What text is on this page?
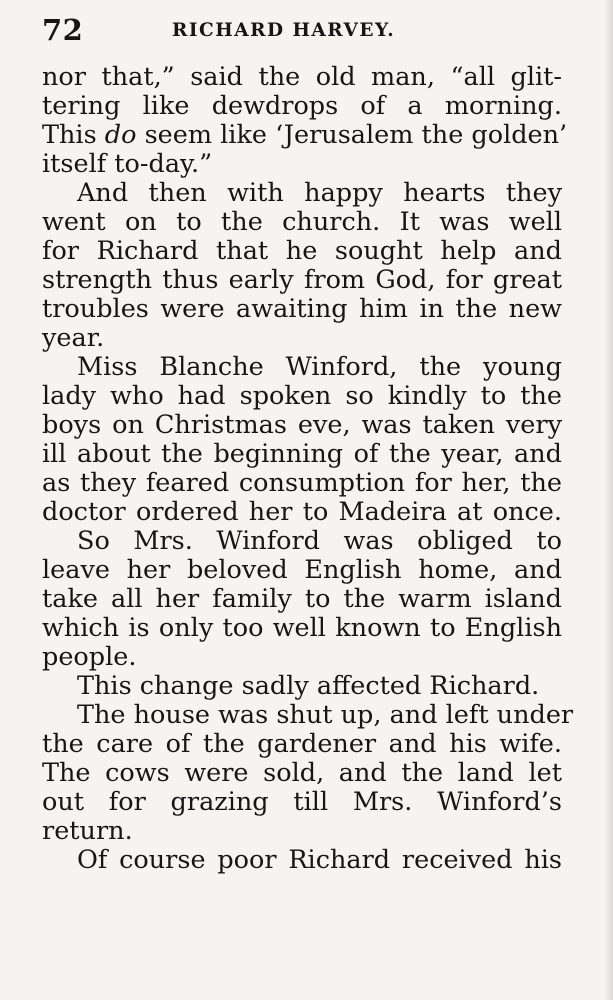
72	RICHARD HARVEY.
nor that,” said the old man, “all glit-
tering like dewdrops of a morning.
This do seem like ‘Jerusalem the golden’
itself to-day.”
And then with happy hearts they
went on to the church. It was well
for Richard that he sought help and
strength thus early from God, for great
troubles were awaiting him in the new
year.
Miss Blanche Winford, the young
lady who had spoken so kindly to the
boys on Christmas eve, was taken very
ill about the beginning of the year, and
as they feared consumption for her, the
doctor ordered her to Madeira at once.
So Mrs. Winford was obliged to
leave her beloved English home, and
take all her family to the warm island
which is only too well known to English
people.
This change sadly affected Richard.
The house was shut up, and left under
the care of the gardener and his wife.
The cows were sold, and the land let
out for grazing till Mrs. Winford’s
return.
Of course poor Richard received his
